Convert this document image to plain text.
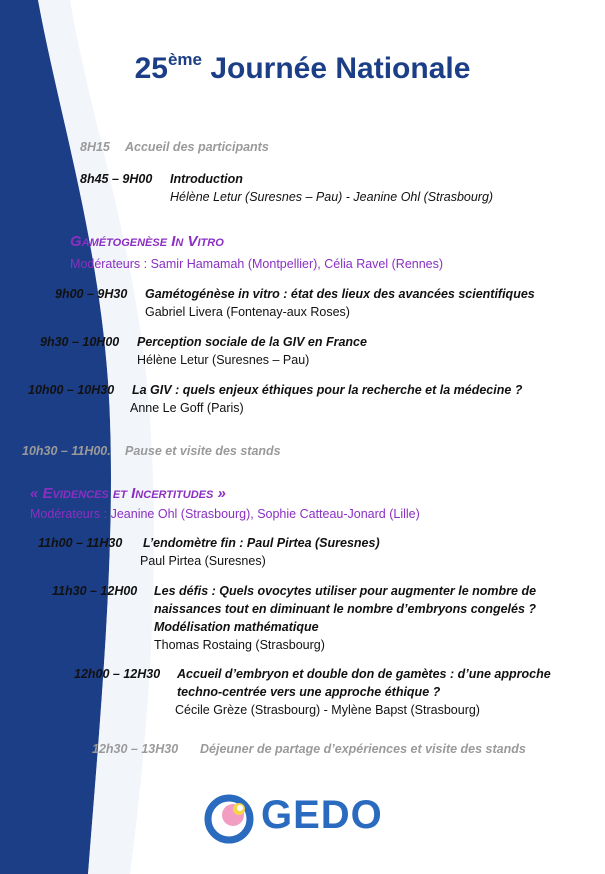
25ème Journée Nationale
8H15 Accueil des participants
8h45 – 9H00 Introduction
Hélène Letur (Suresnes – Pau) - Jeanine Ohl (Strasbourg)
Gamétogenèse In Vitro
Modérateurs : Samir Hamamah (Montpellier), Célia Ravel (Rennes)
9h00 – 9H30 Gamétogénèse in vitro : état des lieux des avancées scientifiques
Gabriel Livera (Fontenay-aux Roses)
9h30 – 10H00 Perception sociale de la GIV en France
Hélène Letur (Suresnes – Pau)
10h00 – 10H30 La GIV : quels enjeux éthiques pour la recherche et la médecine ?
Anne Le Goff (Paris)
10h30 – 11H00. Pause et visite des stands
« Evidences et Incertitudes »
Modérateurs : Jeanine Ohl (Strasbourg), Sophie Catteau-Jonard (Lille)
11h00 – 11H30 L’endomètre fin : Paul Pirtea (Suresnes)
Paul Pirtea (Suresnes)
11h30 – 12H00 Les défis : Quels ovocytes utiliser pour augmenter le nombre de
naissances tout en diminuant le nombre d’embryons congelés ?
Modélisation mathématique
Thomas Rostaing (Strasbourg)
12h00 – 12H30 Accueil d’embryon et double don de gamètes : d’une approche
techno-centrée vers une approche éthique ?
Cécile Grèze (Strasbourg) - Mylène Bapst (Strasbourg)
12h30 – 13H30 Déjeuner de partage d’expériences et visite des stands
GEDO
